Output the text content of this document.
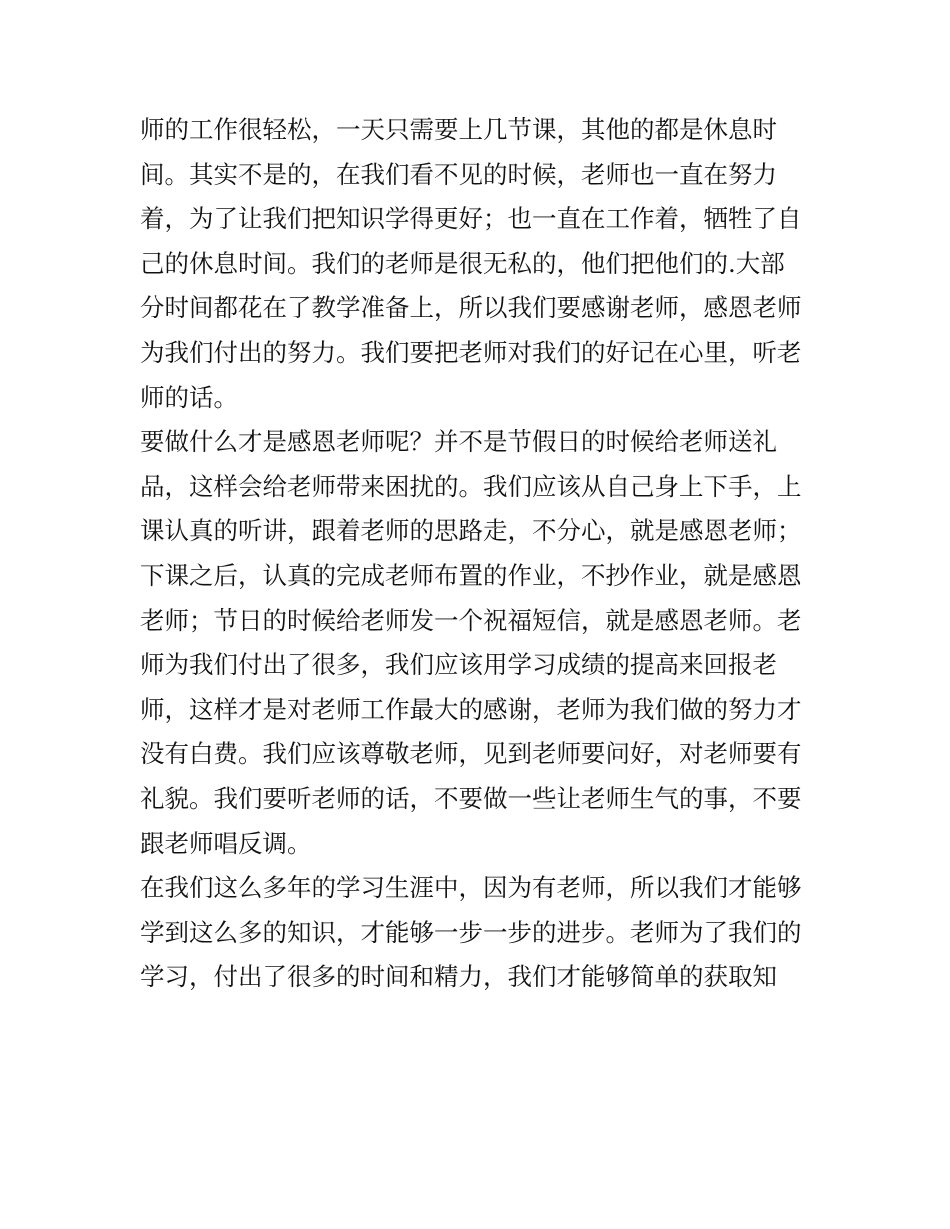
师的工作很轻松，一天只需要上几节课，其他的都是休息时
间。其实不是的，在我们看不见的时候，老师也一直在努力
着，为了让我们把知识学得更好；也一直在工作着，牺牲了自
己的休息时间。我们的老师是很无私的，他们把他们的.大部
分时间都花在了教学准备上，所以我们要感谢老师，感恩老师
为我们付出的努力。我们要把老师对我们的好记在心里，听老
师的话。
要做什么才是感恩老师呢？并不是节假日的时候给老师送礼
品，这样会给老师带来困扰的。我们应该从自己身上下手，上
课认真的听讲，跟着老师的思路走，不分心，就是感恩老师；
下课之后，认真的完成老师布置的作业，不抄作业，就是感恩
老师；节日的时候给老师发一个祝福短信，就是感恩老师。老
师为我们付出了很多，我们应该用学习成绩的提高来回报老
师，这样才是对老师工作最大的感谢，老师为我们做的努力才
没有白费。我们应该尊敬老师，见到老师要问好，对老师要有
礼貌。我们要听老师的话，不要做一些让老师生气的事，不要
跟老师唱反调。
在我们这么多年的学习生涯中，因为有老师，所以我们才能够
学到这么多的知识，才能够一步一步的进步。老师为了我们的
学习，付出了很多的时间和精力，我们才能够简单的获取知
